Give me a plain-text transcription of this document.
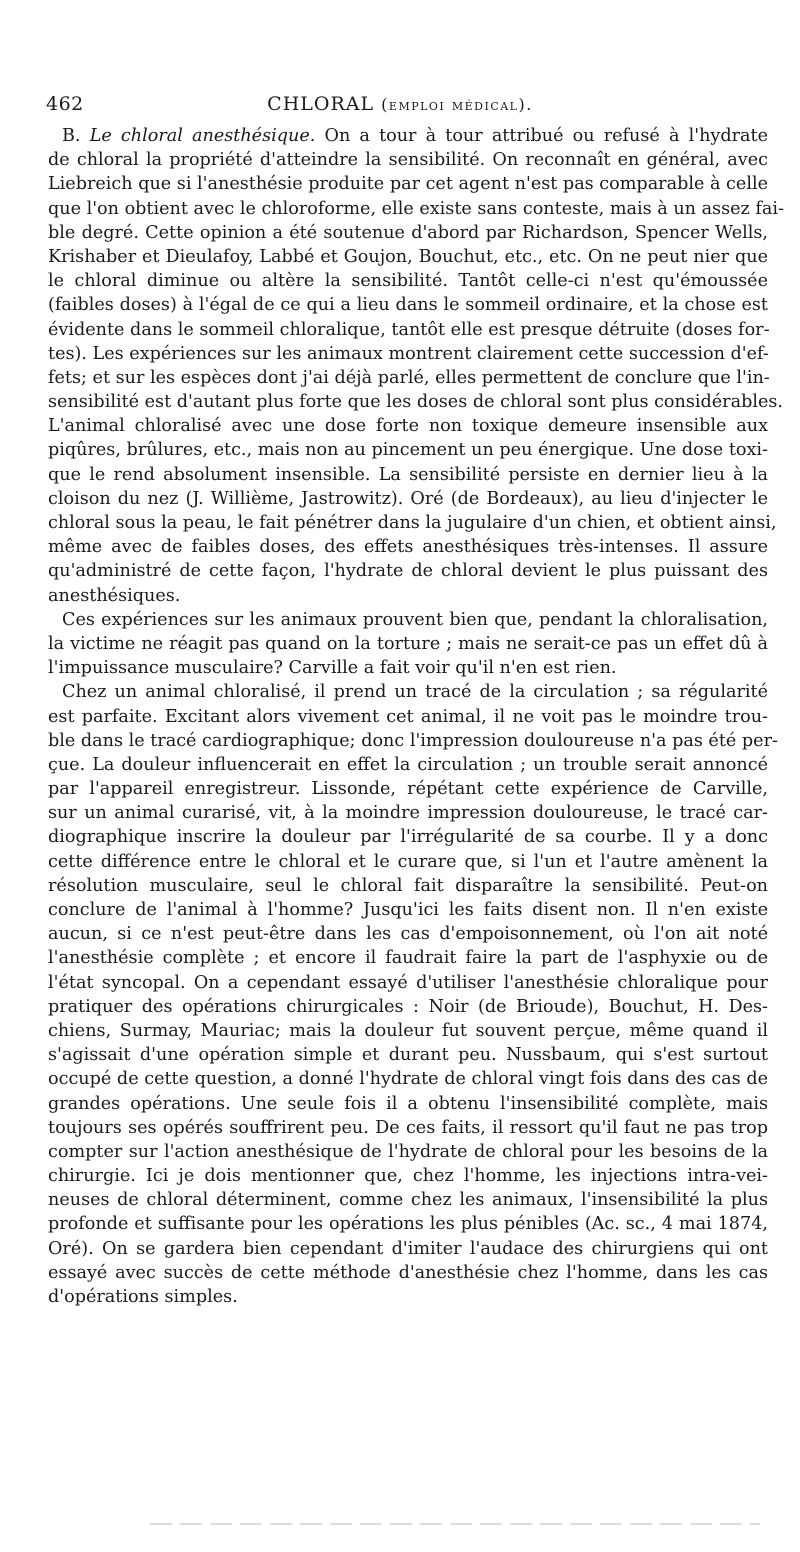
462	CHLORAL (emploi médical).
B. Le chloral anesthésique. On a tour à tour attribué ou refusé à l'hydrate
de chloral la propriété d'atteindre la sensibilité. On reconnaît en général, avec
Liebreich que si l'anesthésie produite par cet agent n'est pas comparable à celle
que l'on obtient avec le chloroforme, elle existe sans conteste, mais à un assez fai-
ble degré. Cette opinion a été soutenue d'abord par Richardson, Spencer Wells,
Krishaber et Dieulafoy, Labbé et Goujon, Bouchut, etc., etc. On ne peut nier que
le chloral diminue ou altère la sensibilité. Tantôt celle-ci n'est qu'émoussée
(faibles doses) à l'égal de ce qui a lieu dans le sommeil ordinaire, et la chose est
évidente dans le sommeil chloralique, tantôt elle est presque détruite (doses for-
tes). Les expériences sur les animaux montrent clairement cette succession d'ef-
fets; et sur les espèces dont j'ai déjà parlé, elles permettent de conclure que l'in-
sensibilité est d'autant plus forte que les doses de chloral sont plus considérables.
L'animal chloralisé avec une dose forte non toxique demeure insensible aux
piqûres, brûlures, etc., mais non au pincement un peu énergique. Une dose toxi-
que le rend absolument insensible. La sensibilité persiste en dernier lieu à la
cloison du nez (J. Willième, Jastrowitz). Oré (de Bordeaux), au lieu d'injecter le
chloral sous la peau, le fait pénétrer dans la jugulaire d'un chien, et obtient ainsi,
même avec de faibles doses, des effets anesthésiques très-intenses. Il assure
qu'administré de cette façon, l'hydrate de chloral devient le plus puissant des
anesthésiques.
Ces expériences sur les animaux prouvent bien que, pendant la chloralisation,
la victime ne réagit pas quand on la torture ; mais ne serait-ce pas un effet dû à
l'impuissance musculaire? Carville a fait voir qu'il n'en est rien.
Chez un animal chloralisé, il prend un tracé de la circulation ; sa régularité
est parfaite. Excitant alors vivement cet animal, il ne voit pas le moindre trou-
ble dans le tracé cardiographique; donc l'impression douloureuse n'a pas été per-
çue. La douleur influencerait en effet la circulation ; un trouble serait annoncé
par l'appareil enregistreur. Lissonde, répétant cette expérience de Carville,
sur un animal curarisé, vit, à la moindre impression douloureuse, le tracé car-
diographique inscrire la douleur par l'irrégularité de sa courbe. Il y a donc
cette différence entre le chloral et le curare que, si l'un et l'autre amènent la
résolution musculaire, seul le chloral fait disparaître la sensibilité. Peut-on
conclure de l'animal à l'homme? Jusqu'ici les faits disent non. Il n'en existe
aucun, si ce n'est peut-être dans les cas d'empoisonnement, où l'on ait noté
l'anesthésie complète ; et encore il faudrait faire la part de l'asphyxie ou de
l'état syncopal. On a cependant essayé d'utiliser l'anesthésie chloralique pour
pratiquer des opérations chirurgicales : Noir (de Brioude), Bouchut, H. Des-
chiens, Surmay, Mauriac; mais la douleur fut souvent perçue, même quand il
s'agissait d'une opération simple et durant peu. Nussbaum, qui s'est surtout
occupé de cette question, a donné l'hydrate de chloral vingt fois dans des cas de
grandes opérations. Une seule fois il a obtenu l'insensibilité complète, mais
toujours ses opérés souffrirent peu. De ces faits, il ressort qu'il faut ne pas trop
compter sur l'action anesthésique de l'hydrate de chloral pour les besoins de la
chirurgie. Ici je dois mentionner que, chez l'homme, les injections intra-vei-
neuses de chloral déterminent, comme chez les animaux, l'insensibilité la plus
profonde et suffisante pour les opérations les plus pénibles (Ac. sc., 4 mai 1874,
Oré). On se gardera bien cependant d'imiter l'audace des chirurgiens qui ont
essayé avec succès de cette méthode d'anesthésie chez l'homme, dans les cas
d'opérations simples.
